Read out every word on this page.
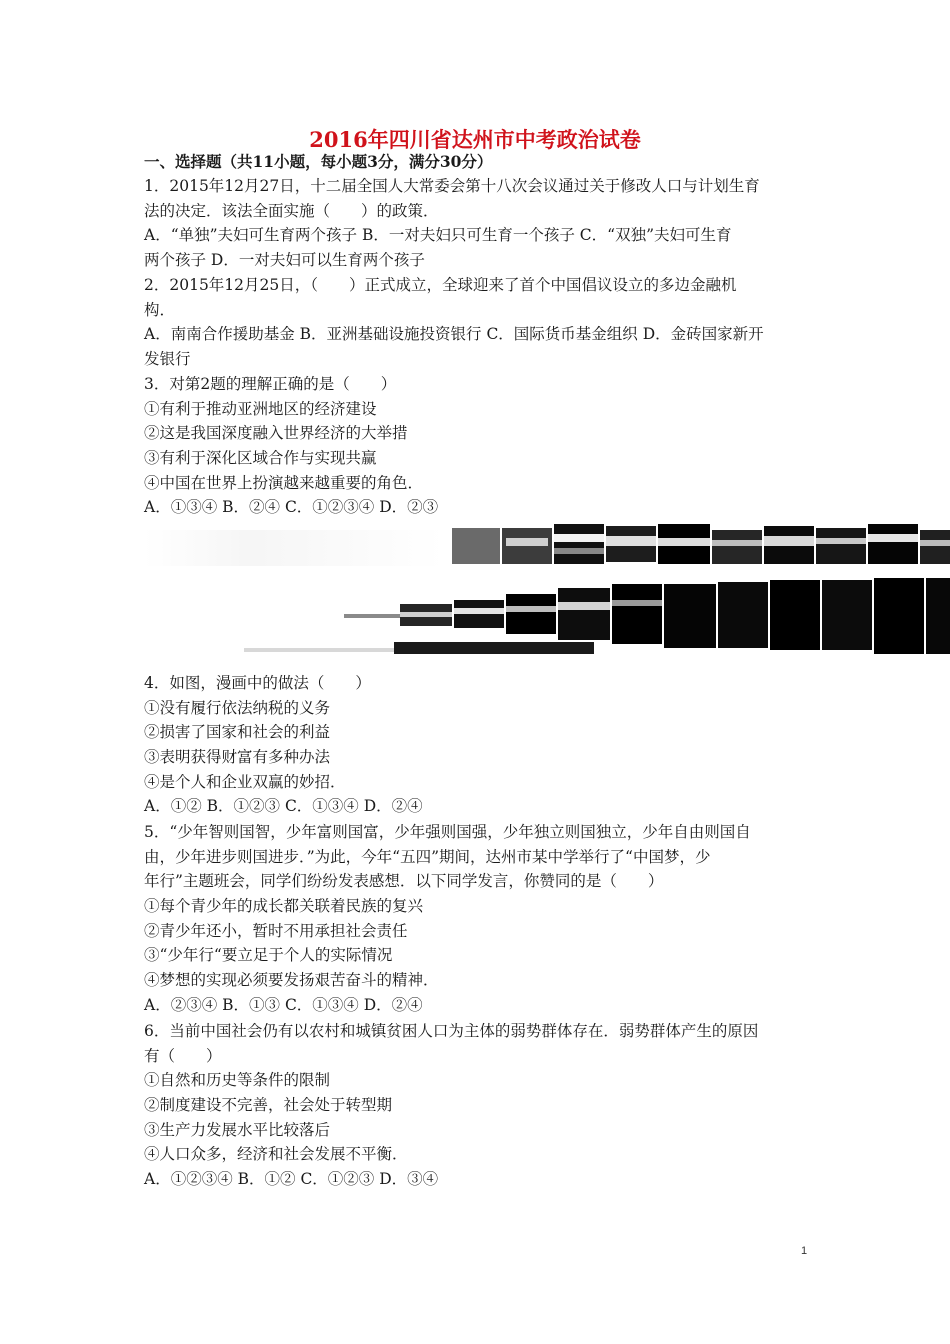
2016年四川省达州市中考政治试卷
一、选择题（共11小题，每小题3分，满分30分）
1．2015年12月27日，十二届全国人大常委会第十八次会议通过关于修改人口与计划生育
法的决定．该法全面实施（　　）的政策．
A．“单独”夫妇可生育两个孩子 B．一对夫妇只可生育一个孩子 C．“双独”夫妇可生育
两个孩子 D．一对夫妇可以生育两个孩子
2．2015年12月25日，（　　）正式成立，全球迎来了首个中国倡议设立的多边金融机
构．
A．南南合作援助基金 B．亚洲基础设施投资银行 C．国际货币基金组织 D．金砖国家新开
发银行
3．对第2题的理解正确的是（　　）
①有利于推动亚洲地区的经济建设
②这是我国深度融入世界经济的大举措
③有利于深化区域合作与实现共赢
④中国在世界上扮演越来越重要的角色．
A．①③④ B．②④ C．①②③④ D．②③
4．如图，漫画中的做法（　　）
①没有履行依法纳税的义务
②损害了国家和社会的利益
③表明获得财富有多种办法
④是个人和企业双赢的妙招．
A．①② B．①②③ C．①③④ D．②④
5．“少年智则国智，少年富则国富，少年强则国强，少年独立则国独立，少年自由则国自
由，少年进步则国进步．”为此，今年“五四”期间，达州市某中学举行了“中国梦，少
年行”主题班会，同学们纷纷发表感想．以下同学发言，你赞同的是（　　）
①每个青少年的成长都关联着民族的复兴
②青少年还小，暂时不用承担社会责任
③“少年行“要立足于个人的实际情况
④梦想的实现必须要发扬艰苦奋斗的精神．
A．②③④ B．①③ C．①③④ D．②④
6．当前中国社会仍有以农村和城镇贫困人口为主体的弱势群体存在．弱势群体产生的原因
有（　　）
①自然和历史等条件的限制
②制度建设不完善，社会处于转型期
③生产力发展水平比较落后
④人口众多，经济和社会发展不平衡．
A．①②③④ B．①② C．①②③ D．③④
1
